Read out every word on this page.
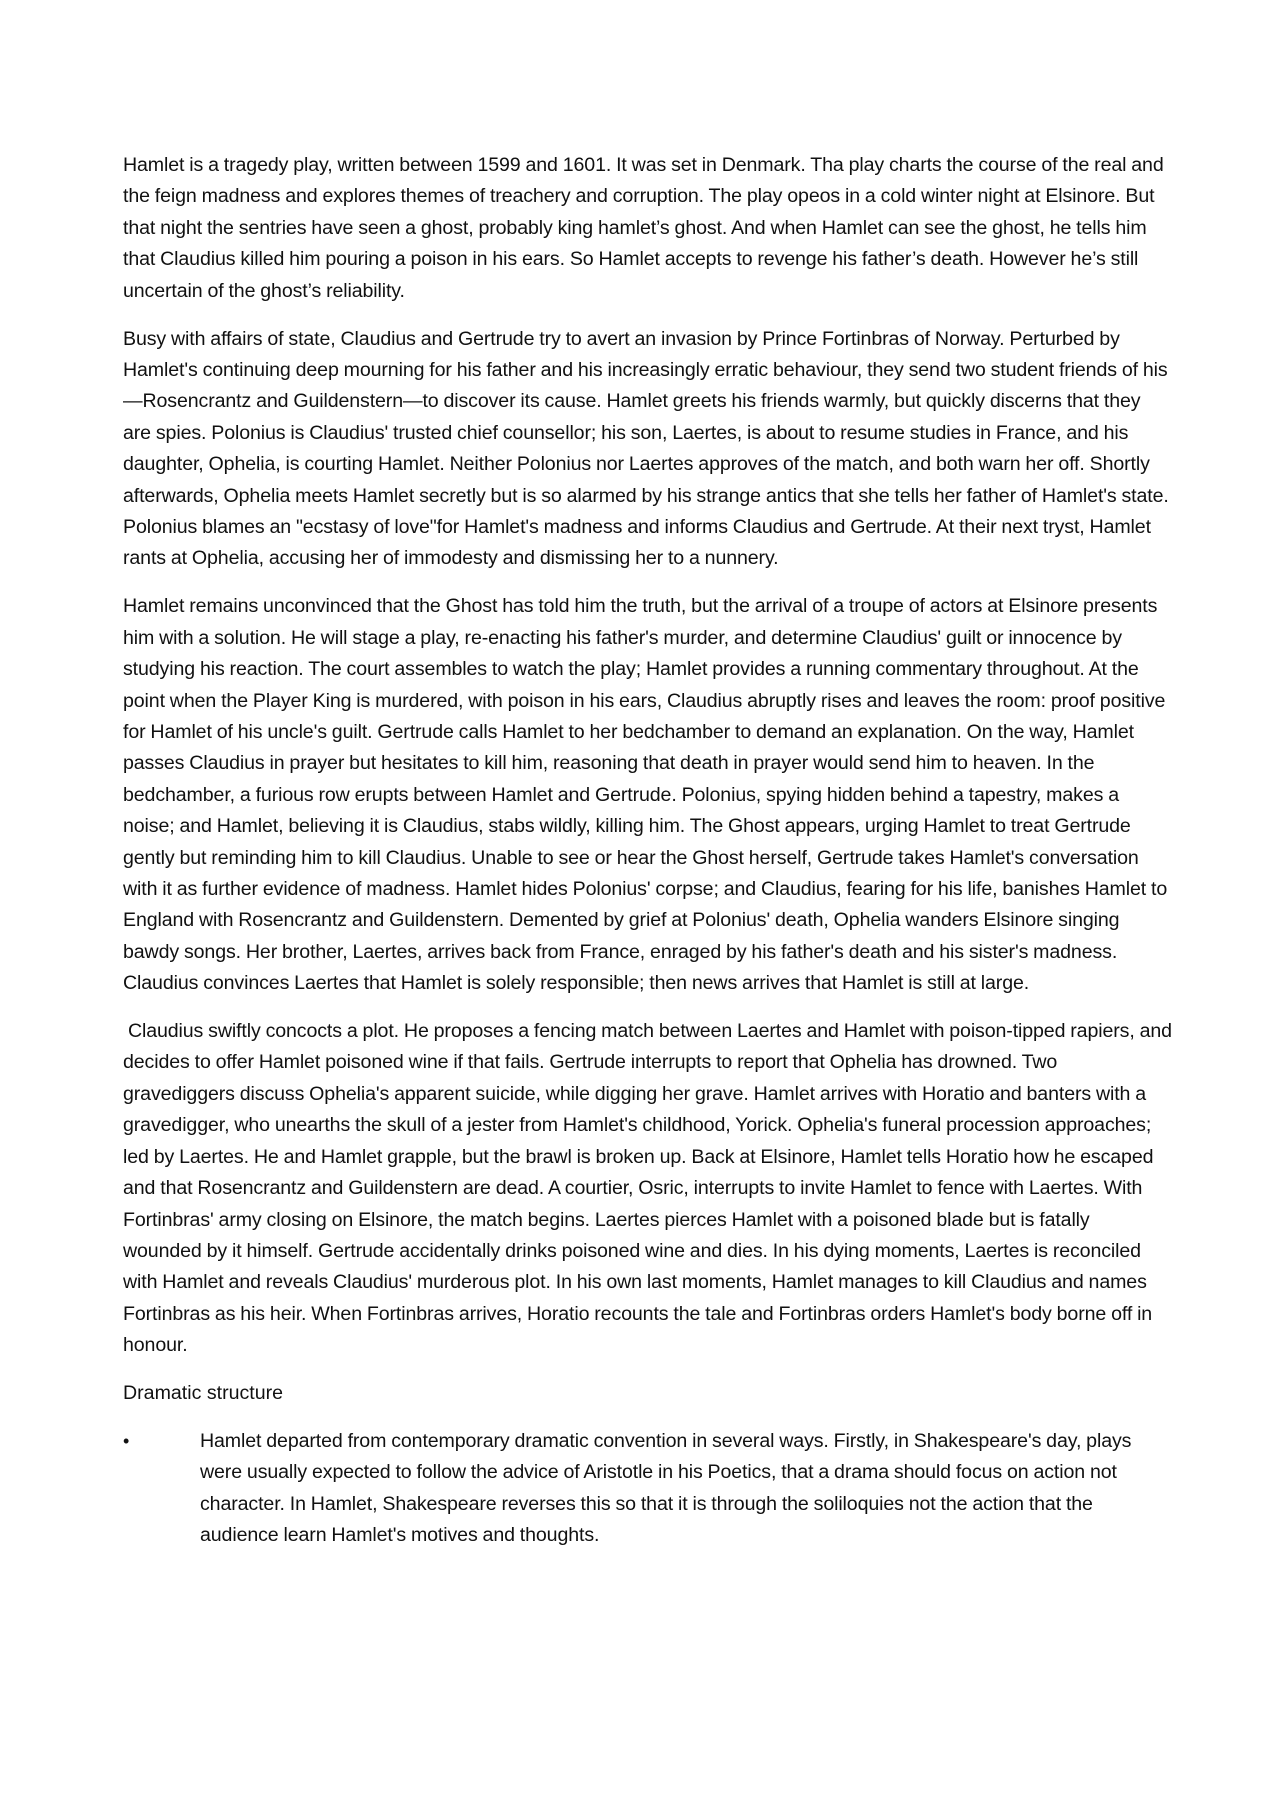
Hamlet is a tragedy play, written between 1599 and 1601. It was set in Denmark. Tha play charts the course of the real and the feign madness and explores themes of treachery and corruption. The play opeos in a cold winter night at Elsinore. But that night the sentries have seen a ghost, probably king hamlet’s ghost. And when Hamlet can see the ghost, he tells him that Claudius killed him pouring a poison in his ears. So Hamlet accepts to revenge his father’s death. However he’s still uncertain of the ghost’s reliability.

Busy with affairs of state, Claudius and Gertrude try to avert an invasion by Prince Fortinbras of Norway. Perturbed by Hamlet's continuing deep mourning for his father and his increasingly erratic behaviour, they send two student friends of his—Rosencrantz and Guildenstern—to discover its cause. Hamlet greets his friends warmly, but quickly discerns that they are spies. Polonius is Claudius' trusted chief counsellor; his son, Laertes, is about to resume studies in France, and his daughter, Ophelia, is courting Hamlet. Neither Polonius nor Laertes approves of the match, and both warn her off. Shortly afterwards, Ophelia meets Hamlet secretly but is so alarmed by his strange antics that she tells her father of Hamlet's state. Polonius blames an "ecstasy of love"for Hamlet's madness and informs Claudius and Gertrude. At their next tryst, Hamlet rants at Ophelia, accusing her of immodesty and dismissing her to a nunnery.

Hamlet remains unconvinced that the Ghost has told him the truth, but the arrival of a troupe of actors at Elsinore presents him with a solution. He will stage a play, re-enacting his father's murder, and determine Claudius' guilt or innocence by studying his reaction. The court assembles to watch the play; Hamlet provides a running commentary throughout. At the point when the Player King is murdered, with poison in his ears, Claudius abruptly rises and leaves the room: proof positive for Hamlet of his uncle's guilt. Gertrude calls Hamlet to her bedchamber to demand an explanation. On the way, Hamlet passes Claudius in prayer but hesitates to kill him, reasoning that death in prayer would send him to heaven. In the bedchamber, a furious row erupts between Hamlet and Gertrude. Polonius, spying hidden behind a tapestry, makes a noise; and Hamlet, believing it is Claudius, stabs wildly, killing him. The Ghost appears, urging Hamlet to treat Gertrude gently but reminding him to kill Claudius. Unable to see or hear the Ghost herself, Gertrude takes Hamlet's conversation with it as further evidence of madness. Hamlet hides Polonius' corpse; and Claudius, fearing for his life, banishes Hamlet to England with Rosencrantz and Guildenstern. Demented by grief at Polonius' death, Ophelia wanders Elsinore singing bawdy songs. Her brother, Laertes, arrives back from France, enraged by his father's death and his sister's madness. Claudius convinces Laertes that Hamlet is solely responsible; then news arrives that Hamlet is still at large.

Claudius swiftly concocts a plot. He proposes a fencing match between Laertes and Hamlet with poison-tipped rapiers, and decides to offer Hamlet poisoned wine if that fails. Gertrude interrupts to report that Ophelia has drowned. Two gravediggers discuss Ophelia's apparent suicide, while digging her grave. Hamlet arrives with Horatio and banters with a gravedigger, who unearths the skull of a jester from Hamlet's childhood, Yorick. Ophelia's funeral procession approaches; led by Laertes. He and Hamlet grapple, but the brawl is broken up. Back at Elsinore, Hamlet tells Horatio how he escaped and that Rosencrantz and Guildenstern are dead. A courtier, Osric, interrupts to invite Hamlet to fence with Laertes. With Fortinbras' army closing on Elsinore, the match begins. Laertes pierces Hamlet with a poisoned blade but is fatally wounded by it himself. Gertrude accidentally drinks poisoned wine and dies. In his dying moments, Laertes is reconciled with Hamlet and reveals Claudius' murderous plot. In his own last moments, Hamlet manages to kill Claudius and names Fortinbras as his heir. When Fortinbras arrives, Horatio recounts the tale and Fortinbras orders Hamlet's body borne off in honour.

Dramatic structure

•	Hamlet departed from contemporary dramatic convention in several ways. Firstly, in Shakespeare's day, plays were usually expected to follow the advice of Aristotle in his Poetics, that a drama should focus on action not character. In Hamlet, Shakespeare reverses this so that it is through the soliloquies not the action that the audience learn Hamlet's motives and thoughts.
